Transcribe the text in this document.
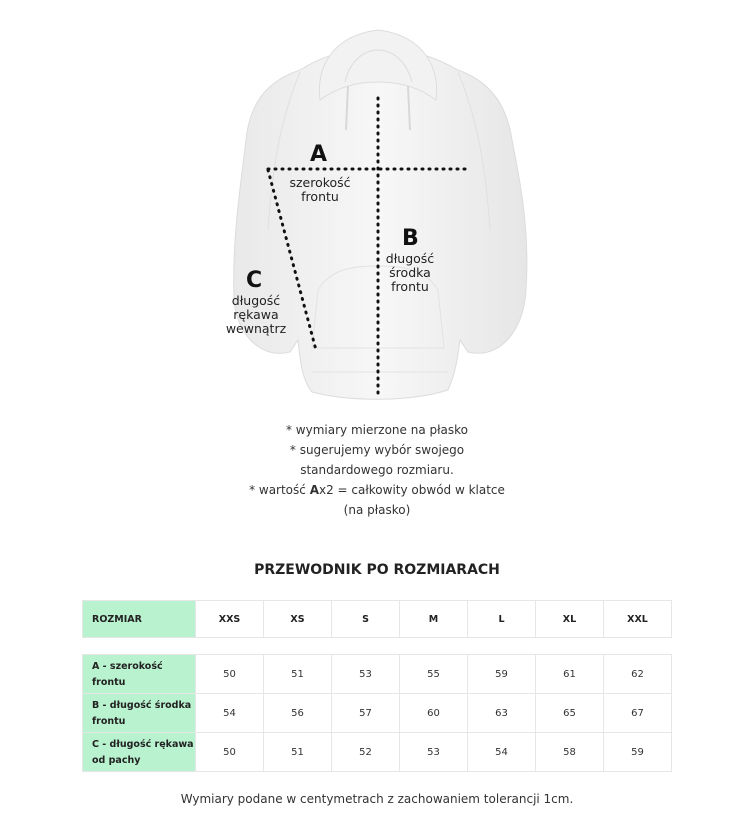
A
szerokość
frontu
B
długość
środka
frontu
C
długość
rękawa
wewnątrz
* wymiary mierzone na płasko
* sugerujemy wybór swojego
standardowego rozmiaru.
* wartość Ax2 = całkowity obwód w klatce
(na płasko)
PRZEWODNIK PO ROZMIARACH
ROZMIAR	XXS	XS	S	M	L	XL	XXL
A - szerokość
frontu	50	51	53	55	59	61	62

B - długość środka
frontu	54	56	57	60	63	65	67

C - długość rękawa
od pachy	50	51	52	53	54	58	59
Wymiary podane w centymetrach z zachowaniem tolerancji 1cm.
